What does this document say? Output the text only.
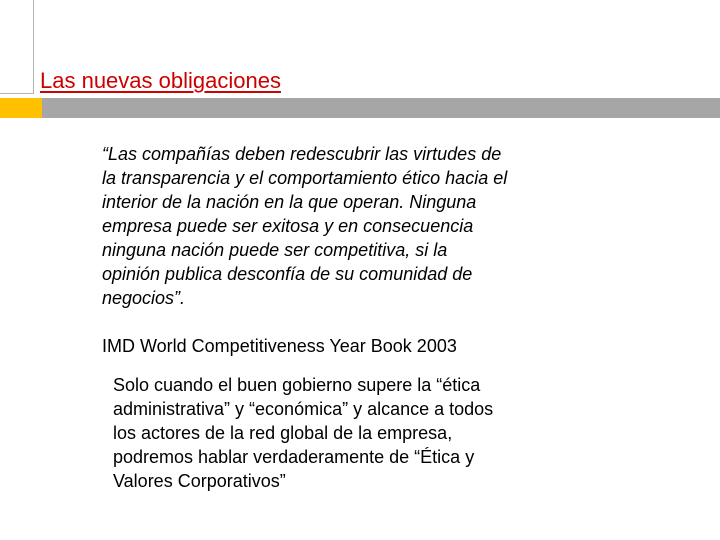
Las nuevas obligaciones

“Las compañías deben redescubrir las virtudes de
la transparencia y el comportamiento ético hacia el
interior de la nación en la que operan. Ninguna
empresa puede ser exitosa y en consecuencia
ninguna nación puede ser competitiva, si la
opinión publica desconfía de su comunidad de
negocios”.

IMD World Competitiveness Year Book 2003

Solo cuando el buen gobierno supere la “ética
administrativa” y “económica” y alcance a todos
los actores de la red global de la empresa,
podremos hablar verdaderamente de “Ética y
Valores Corporativos”
